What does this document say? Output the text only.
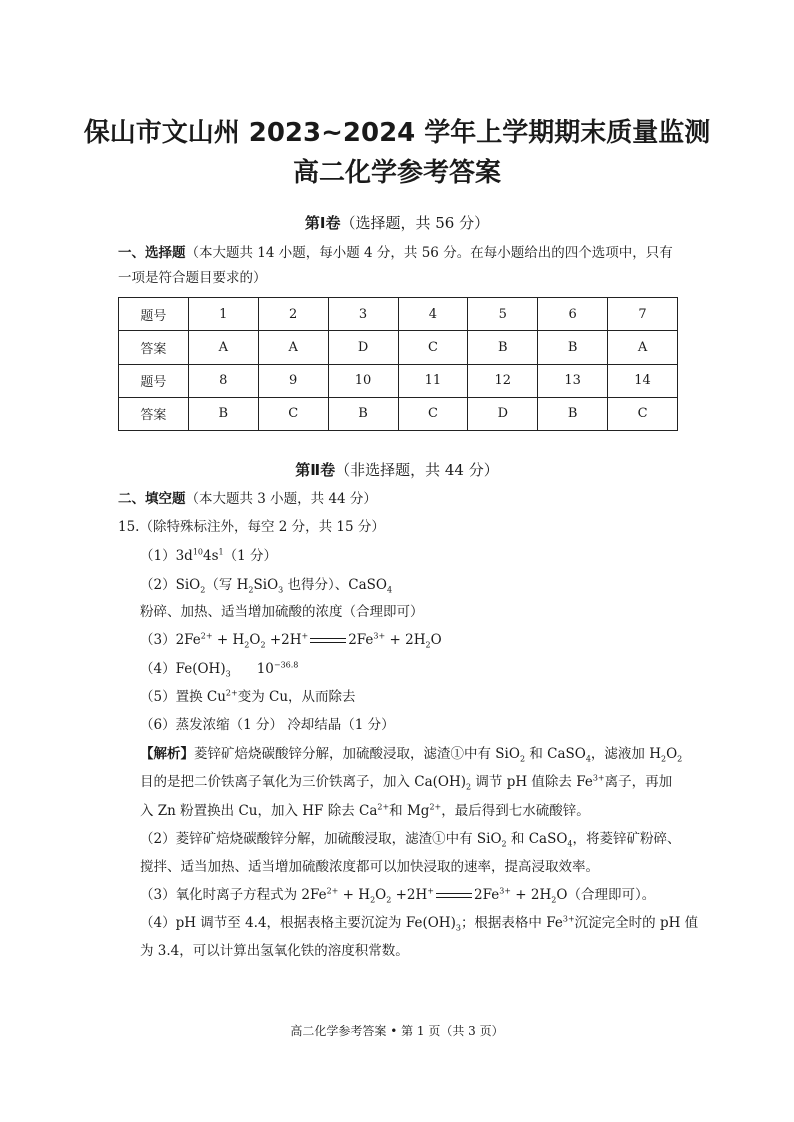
保山市文山州 2023~2024 学年上学期期末质量监测
高二化学参考答案
第Ⅰ卷（选择题，共 56 分）
一、选择题（本大题共 14 小题，每小题 4 分，共 56 分。在每小题给出的四个选项中，只有
一项是符合题目要求的）
题号	1	2	3	4	5	6	7
答案	A	A	D	C	B	B	A
题号	8	9	10	11	12	13	14
答案	B	C	B	C	D	B	C
第Ⅱ卷（非选择题，共 44 分）
二、填空题（本大题共 3 小题，共 44 分）
15.（除特殊标注外，每空 2 分，共 15 分）
$(1)3d^{10}4s^1(1$ 分）
（2）SiO$_2$（写 $H_2SiO_3$ 也得分）、CaSO$_4$
粉碎、加热、适当增加硫酸的浓度（合理即可）
$(3)2Fe^{2+} + H_2O_2 +2H^+$	$2Fe^{3+} + 2H_2O$
$(4)Fe(OH)_3$ $10^{-36.8}$
（5）置换 $Cu^{2+}$变为 Cu，从而除去
（6）蒸发浓缩（1 分） 冷却结晶（1 分）
【解析】菱锌矿焙烧碳酸锌分解，加硫酸浸取，滤渣①中有 SiO$_2$ 和 CaSO$_4$，滤液加 $H_2O_2$
目的是把二价铁离子氧化为三价铁离子，加入 $Ca(OH)_2$ 调节 pH 值除去 $Fe^{3+}$离子，再加
入 Zn 粉置换出 Cu，加入 HF 除去 $Ca^{2+}$和 $Mg^{2+}$，最后得到七水硫酸锌。
（2）菱锌矿焙烧碳酸锌分解，加硫酸浸取，滤渣①中有 SiO$_2$ 和 CaSO$_4$，将菱锌矿粉碎、
搅拌、适当加热、适当增加硫酸浓度都可以加快浸取的速率，提高浸取效率。
（3）氧化时离子方程式为 $2Fe^{2+} + H_2O_2 +2H^+$	$2Fe^{3+} + 2H_2O$（合理即可）。
（4）pH 调节至 4.4，根据表格主要沉淀为 $Fe(OH)_3$；根据表格中 $Fe^{3+}$沉淀完全时的 pH 值
为 3.4，可以计算出氢氧化铁的溶度积常数。
高二化学参考答案 • 第 1 页（共 3 页）
